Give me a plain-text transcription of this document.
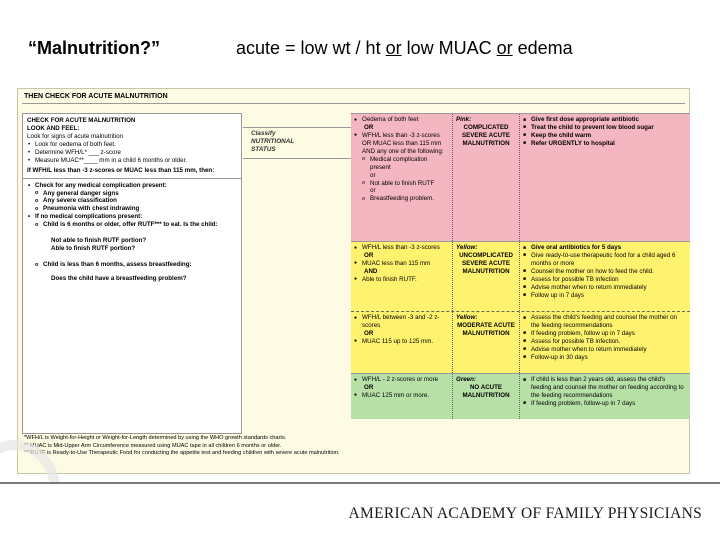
“Malnutrition?”	acute = low wt / ht or low MUAC or edema
THEN CHECK FOR ACUTE MALNUTRITION

CHECK FOR ACUTE MALNUTRITION

LOOK AND FEEL:

Look for signs of acute malnutrition

• Look for oedema of both feet.

• Determine WFH/L* ___ z-score

• Measure MUAC**____ mm in a child 6 months or older.

If WFH/L less than -3 z-scores or MUAC less than 115 mm, then:

• Check for any medical complication present:

o Any general danger signs

o Any severe classification

o Pneumonia with chest indrawing

• If no medical complications present:

o Child is 6 months or older, offer RUTF*** to eat. Is the child:

Not able to finish RUTF portion?

Able to finish RUTF portion?

o Child is less than 6 months, assess breastfeeding:

Does the child have a breastfeeding problem?

Classify
NUTRITIONAL
STATUS

● Oedema of both feet

OR

● WFH/L less than -3 z-scores OR MUAC less than 115 mm AND any one of the following:

o Medical complication present

or

o Not able to finish RUTF

or

o Breastfeeding problem.

Pink:

COMPLICATED SEVERE ACUTE MALNUTRITION

■ Give first dose appropriate antibiotic

■ Treat the child to prevent low blood sugar

■ Keep the child warm

■ Refer URGENTLY to hospital

● WFH/L less than -3 z-scores

OR

● MUAC less than 115 mm

AND

● Able to finish RUTF.

Yellow:

UNCOMPLICATED SEVERE ACUTE MALNUTRITION

■ Give oral antibiotics for 5 days

■ Give ready-to-use therapeutic food for a child aged 6 months or more

■ Counsel the mother on how to feed the child.

■ Assess for possible TB infection

■ Advise mother when to return immediately

■ Follow up in 7 days

● WFH/L between -3 and -2 z-scores

OR

● MUAC 115 up to 125 mm.

Yellow:

MODERATE ACUTE MALNUTRITION

■ Assess the child's feeding and counsel the mother on the feeding recommendations

■ If feeding problem, follow up in 7 days

■ Assess for possible TB infection.

■ Advise mother when to return immediately

■ Follow-up in 30 days

● WFH/L - 2 z-scores or more

OR

● MUAC 125 mm or more.

Green:

NO ACUTE MALNUTRITION

■ If child is less than 2 years old, assess the child's feeding and counsel the mother on feeding according to the feeding recommendations

■ If feeding problem, follow-up in 7 days

*WFH/L is Weight-for-Height or Weight-for-Length determined by using the WHO growth standards charts.

** MUAC is Mid-Upper Arm Circumference measured using MUAC tape in all children 6 months or older.

***RUTF is Ready-to-Use Therapeutic Food for conducting the appetite test and feeding children with severe acute malnutrition.

AMERICAN ACADEMY OF FAMILY PHYSICIANS
